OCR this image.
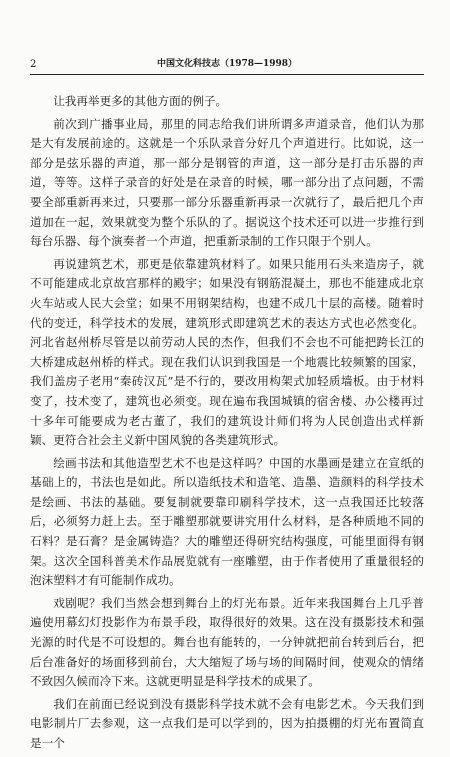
2	中国文化科技志（1978—1998）

让我再举更多的其他方面的例子。

前次到广播事业局，那里的同志给我们讲所谓多声道录音，他们认为那是大有发展前途的。这就是一个乐队录音分好几个声道进行。比如说，这一部分是弦乐器的声道，那一部分是钢管的声道，这一部分是打击乐器的声道，等等。这样子录音的好处是在录音的时候，哪一部分出了点问题，不需要全部重新再来过，只要那一部分乐器重新再录一次就行了，最后把几个声道加在一起，效果就变为整个乐队的了。据说这个技术还可以进一步推行到每台乐器、每个演奏者一个声道，把重新录制的工作只限于个别人。

再说建筑艺术，那更是依靠建筑材料了。如果只能用石头来造房子，就不可能建成北京故宫那样的殿宇；如果没有钢筋混凝土，那也不能建成北京火车站或人民大会堂；如果不用钢架结构，也建不成几十层的高楼。随着时代的变迁，科学技术的发展，建筑形式即建筑艺术的表达方式也必然变化。河北省赵州桥尽管是以前劳动人民的杰作，但我们不会也不可能把跨长江的大桥建成赵州桥的样式。现在我们认识到我国是一个地震比较频繁的国家，我们盖房子老用“秦砖汉瓦”是不行的，要改用构架式加轻质墙板。由于材料变了，技术变了，建筑也必须变。现在遍布我国城镇的宿舍楼、办公楼再过十多年可能要成为老古董了，我们的建筑设计师们将为人民创造出式样新颖、更符合社会主义新中国风貌的各类建筑形式。

绘画书法和其他造型艺术不也是这样吗？中国的水墨画是建立在宣纸的基础上的，书法也是如此。所以造纸技术和造笔、造墨、造颜料的科学技术是绘画、书法的基础。要复制就要靠印刷科学技术，这一点我国还比较落后，必须努力赶上去。至于雕塑那就要讲究用什么材料，是各种质地不同的石料？是石膏？是金属铸造？大的雕塑还得研究结构强度，可能里面得有钢架。这次全国科普美术作品展览就有一座雕塑，由于作者使用了重量很轻的泡沫塑料才有可能制作成功。

戏剧呢？我们当然会想到舞台上的灯光布景。近年来我国舞台上几乎普遍使用幕幻灯投影作为布景手段，取得很好的效果。这在没有摄影技术和强光源的时代是不可设想的。舞台也有能转的，一分钟就把前台转到后台，把后台准备好的场面移到前台，大大缩短了场与场的间隔时间，使观众的情绪不致因久候而冷下来。这就更明显是科学技术的成果了。

我们在前面已经说到没有摄影科学技术就不会有电影艺术。今天我们到电影制片厂去参观，这一点我们是可以学到的，因为拍摄棚的灯光布置简直是一个
